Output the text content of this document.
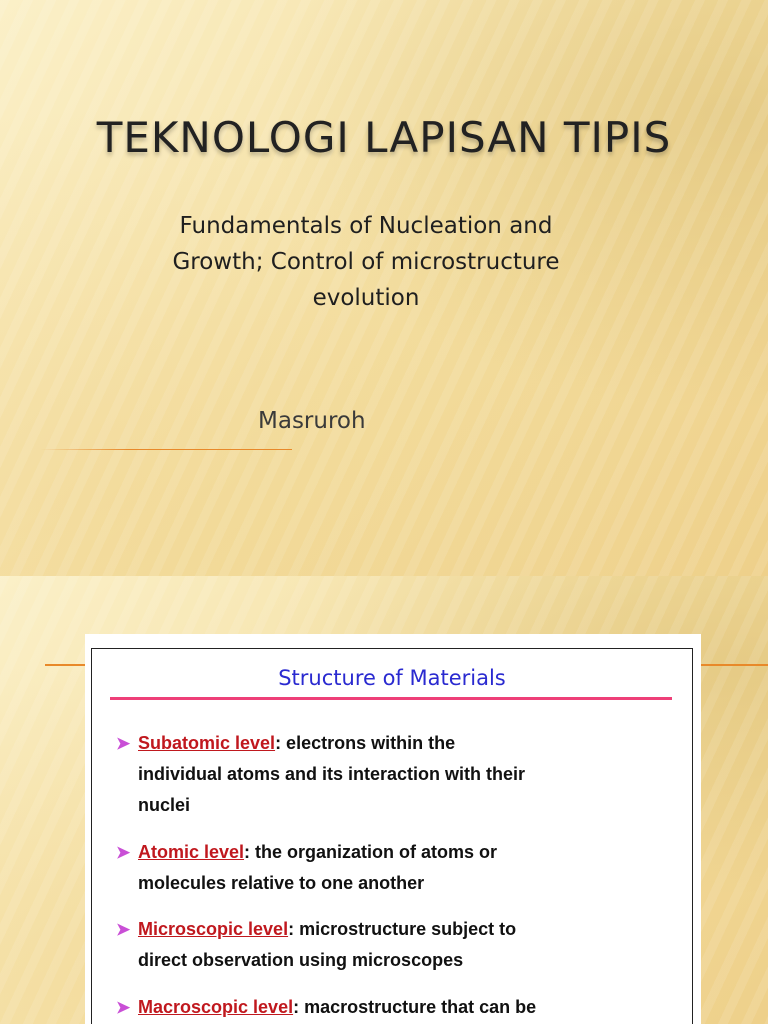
TEKNOLOGI LAPISAN TIPIS
Fundamentals of Nucleation and
Growth; Control of microstructure
evolution
Masruroh
Structure of Materials
➤ Subatomic level: electrons within the
individual atoms and its interaction with their
nuclei
➤ Atomic level: the organization of atoms or
molecules relative to one another
➤ Microscopic level: microstructure subject to
direct observation using microscopes
➤ Macroscopic level: macrostructure that can be
